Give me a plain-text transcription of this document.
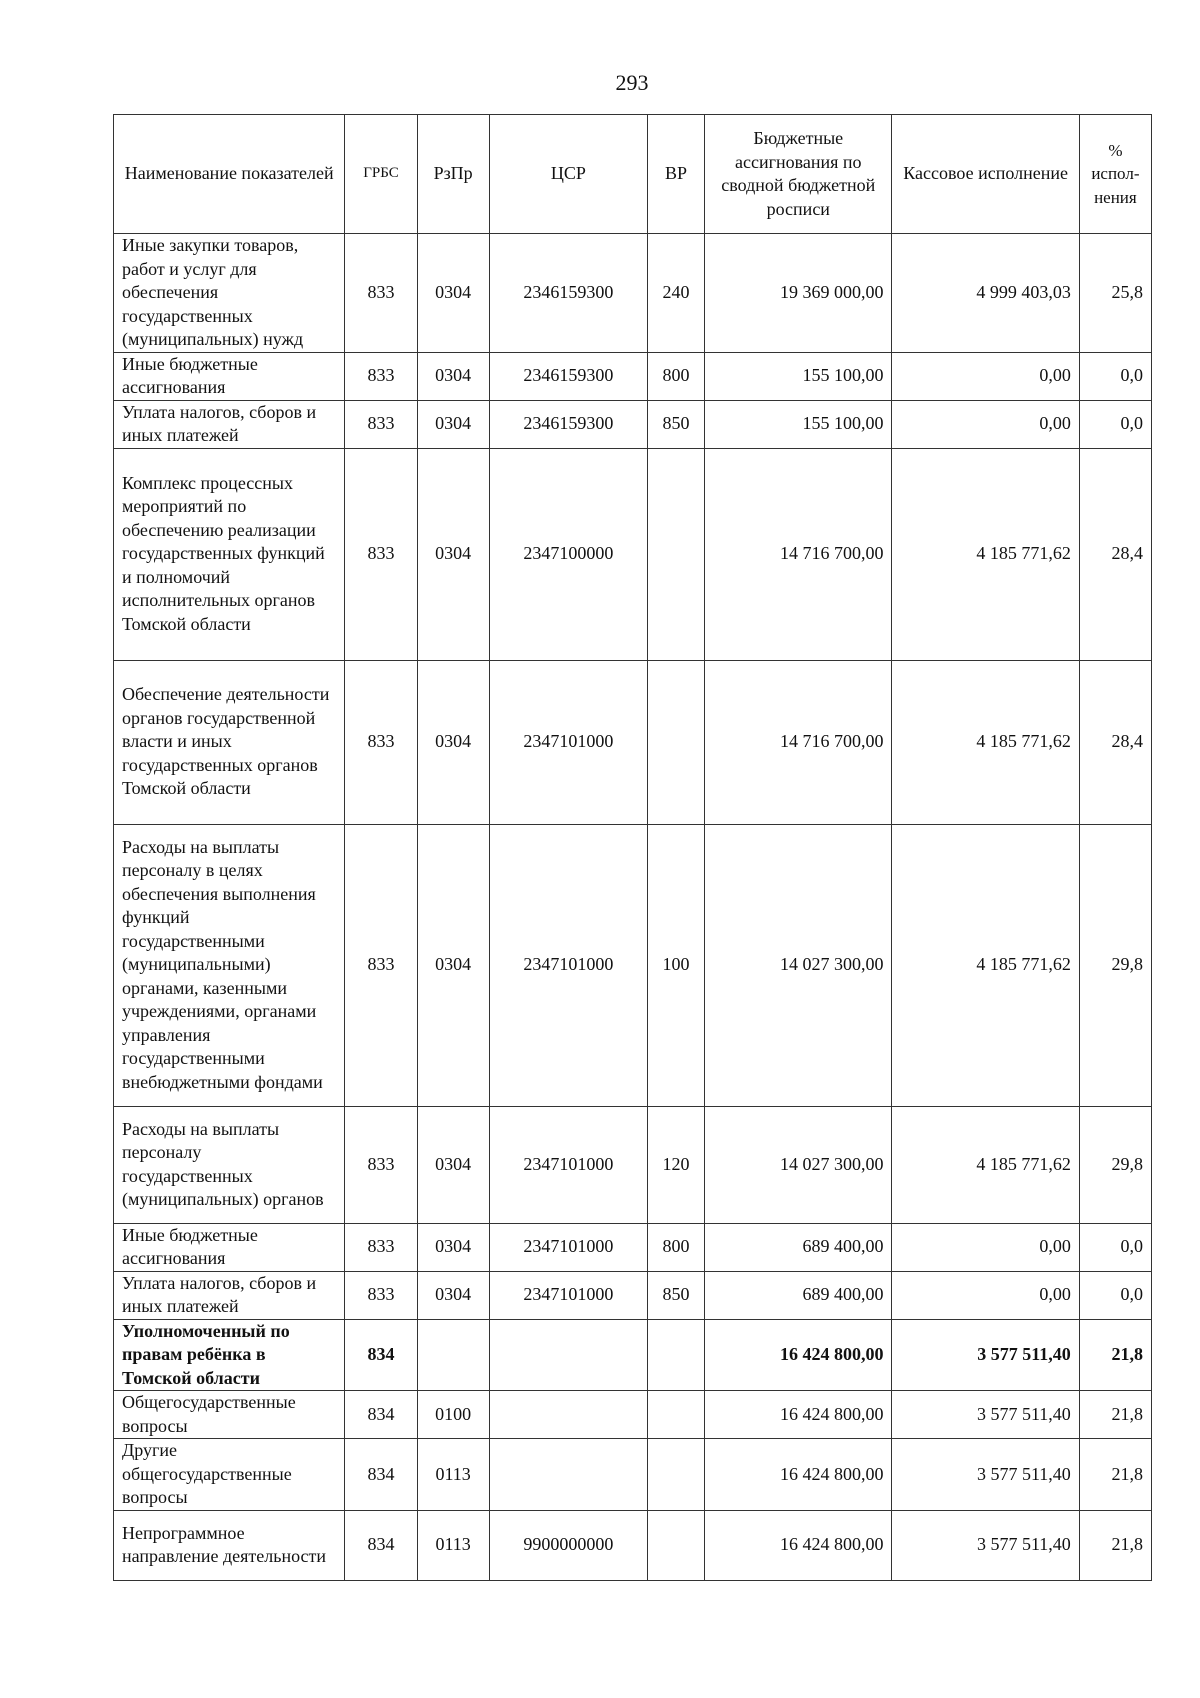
293
Наименование показателей	ГРБС	РзПр	ЦСР	ВР	Бюджетные ассигнования по сводной бюджетной росписи	Кассовое исполнение	% испол-нения
Иные закупки товаров, работ и услуг для обеспечения государственных (муниципальных) нужд	833	0304	2346159300	240	19 369 000,00	4 999 403,03	25,8
Иные бюджетные ассигнования	833	0304	2346159300	800	155 100,00	0,00	0,0
Уплата налогов, сборов и иных платежей	833	0304	2346159300	850	155 100,00	0,00	0,0
Комплекс процессных мероприятий по обеспечению реализации государственных функций и полномочий исполнительных органов Томской области	833	0304	2347100000		14 716 700,00	4 185 771,62	28,4
Обеспечение деятельности органов государственной власти и иных государственных органов Томской области	833	0304	2347101000		14 716 700,00	4 185 771,62	28,4
Расходы на выплаты персоналу в целях обеспечения выполнения функций государственными (муниципальными) органами, казенными учреждениями, органами управления государственными внебюджетными фондами	833	0304	2347101000	100	14 027 300,00	4 185 771,62	29,8
Расходы на выплаты персоналу государственных (муниципальных) органов	833	0304	2347101000	120	14 027 300,00	4 185 771,62	29,8
Иные бюджетные ассигнования	833	0304	2347101000	800	689 400,00	0,00	0,0
Уплата налогов, сборов и иных платежей	833	0304	2347101000	850	689 400,00	0,00	0,0
Уполномоченный по правам ребёнка в Томской области	834				16 424 800,00	3 577 511,40	21,8
Общегосударственные вопросы	834	0100			16 424 800,00	3 577 511,40	21,8
Другие общегосударственные вопросы	834	0113			16 424 800,00	3 577 511,40	21,8
Непрограммное направление деятельности	834	0113	9900000000		16 424 800,00	3 577 511,40	21,8
